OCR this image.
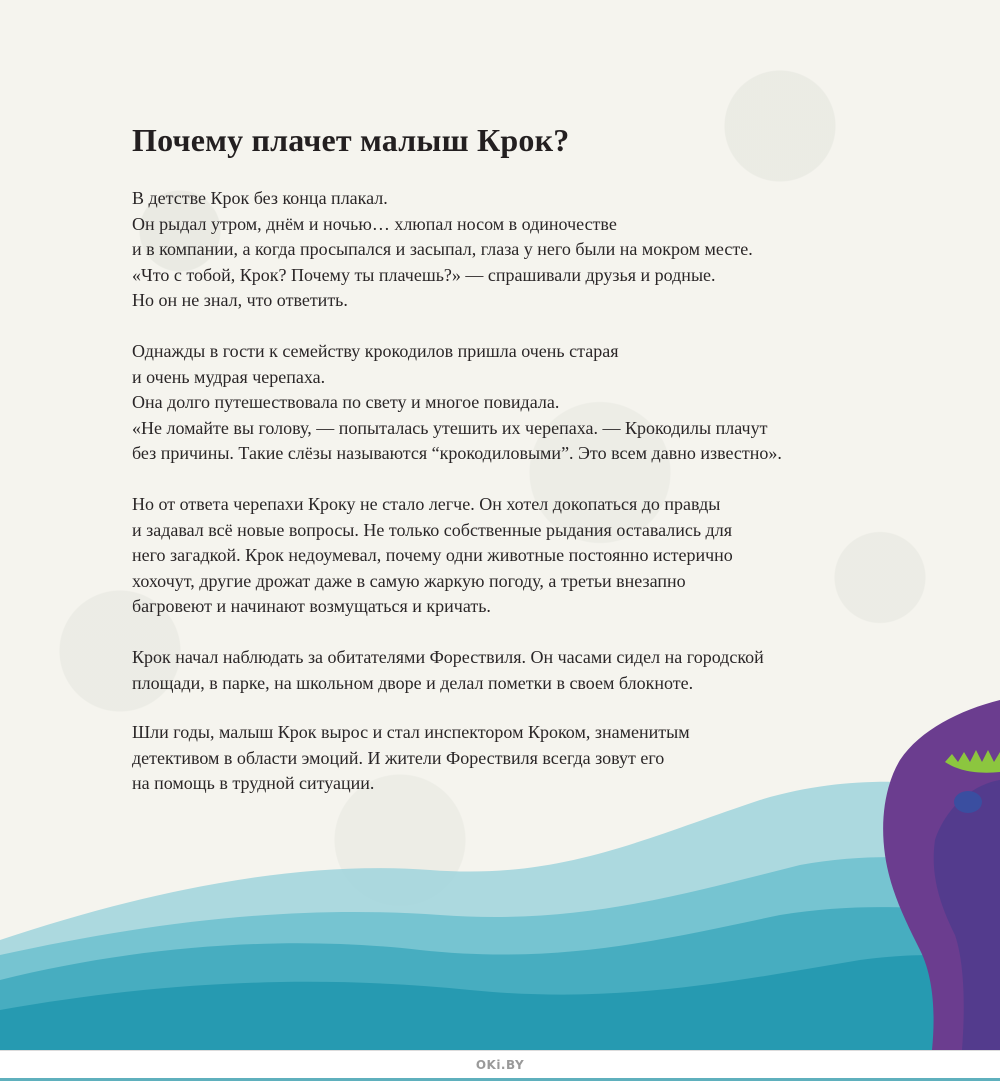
Почему плачет малыш Крок?

В детстве Крок без конца плакал.
Он рыдал утром, днём и ночью… хлюпал носом в одиночестве
и в компании, а когда просыпался и засыпал, глаза у него были на мокром месте.
«Что с тобой, Крок? Почему ты плачешь?» — спрашивали друзья и родные.
Но он не знал, что ответить.

Однажды в гости к семейству крокодилов пришла очень старая
и очень мудрая черепаха.
Она долго путешествовала по свету и многое повидала.
«Не ломайте вы голову, — попыталась утешить их черепаха. — Крокодилы плачут
без причины. Такие слёзы называются “крокодиловыми”. Это всем давно известно».

Но от ответа черепахи Кроку не стало легче. Он хотел докопаться до правды
и задавал всё новые вопросы. Не только собственные рыдания оставались для
него загадкой. Крок недоумевал, почему одни животные постоянно истерично
хохочут, другие дрожат даже в самую жаркую погоду, а третьи внезапно
багровеют и начинают возмущаться и кричать.

Крок начал наблюдать за обитателями Форествиля. Он часами сидел на городской
площади, в парке, на школьном дворе и делал пометки в своем блокноте.

Шли годы, малыш Крок вырос и стал инспектором Кроком, знаменитым
детективом в области эмоций. И жители Форествиля всегда зовут его
на помощь в трудной ситуации.

OKi.BY
